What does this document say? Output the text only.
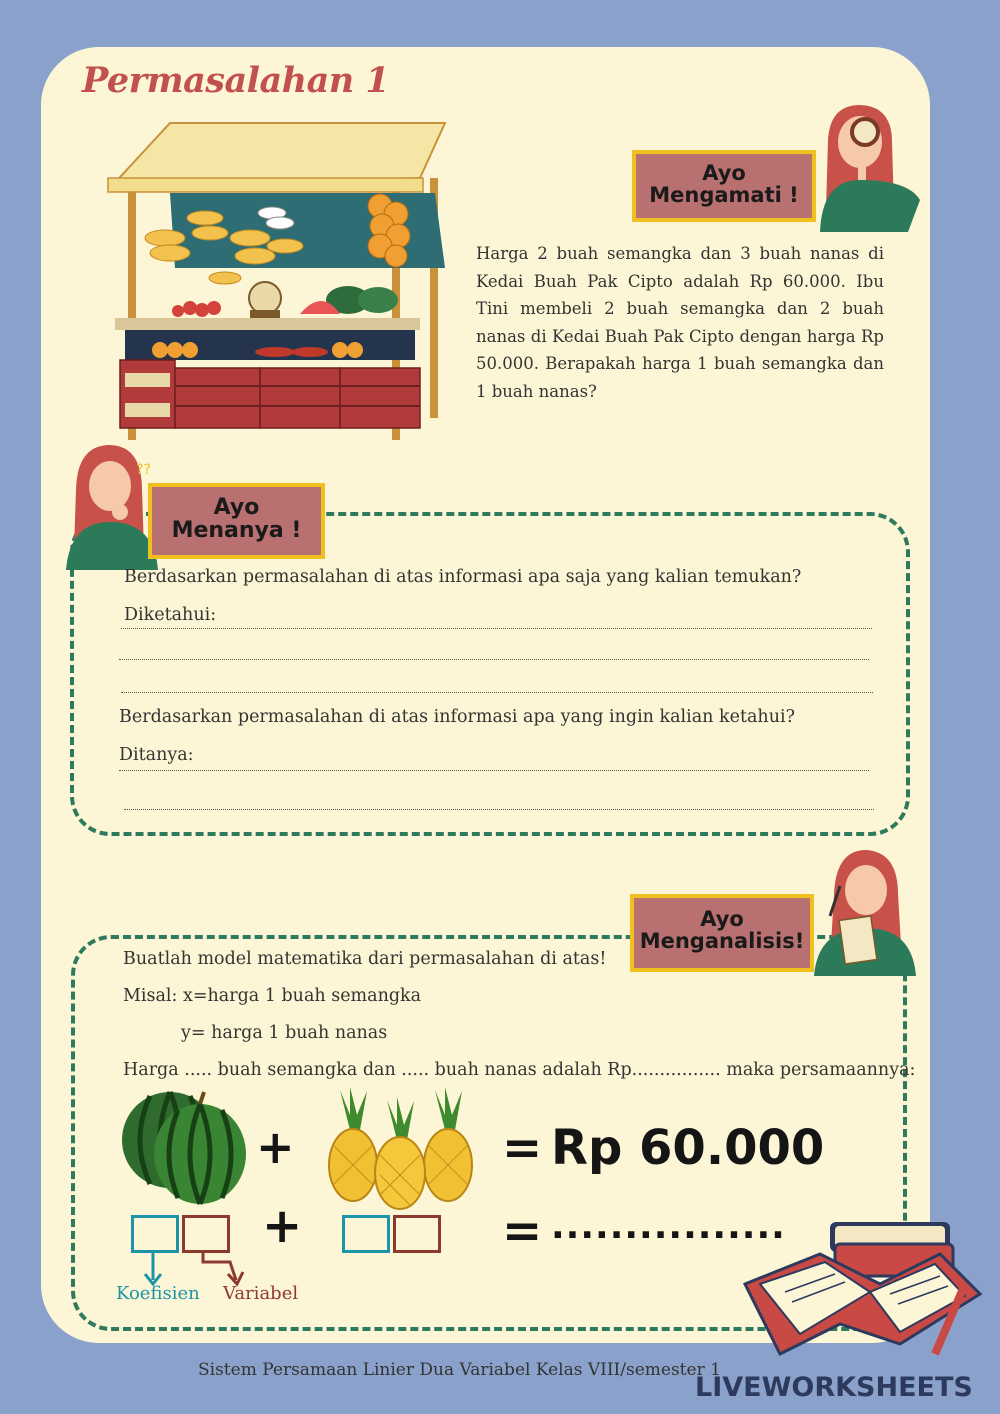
Permasalahan 1
Ayo
Mengamati !
Harga 2 buah semangka dan 3 buah nanas di Kedai Buah Pak Cipto adalah Rp 60.000. Ibu Tini membeli 2 buah semangka dan 2 buah nanas di Kedai Buah Pak Cipto dengan harga Rp 50.000. Berapakah harga 1 buah semangka dan 1 buah nanas?
??
Ayo
Menanya !
Berdasarkan permasalahan di atas informasi apa saja yang kalian temukan?
Diketahui:
Berdasarkan permasalahan di atas informasi apa yang ingin kalian ketahui?
Ditanya:
Ayo
Menganalisis!
Buatlah model matematika dari permasalahan di atas!
Misal: x=harga 1 buah semangka
y= harga 1 buah nanas
Harga ..... buah semangka dan ..... buah nanas adalah Rp................ maka persamaannya:
+	= Rp 60.000
+	= ................
Koefisien Variabel
Sistem Persamaan Linier Dua Variabel Kelas VIII/semester 1
LIVEWORKSHEETS
